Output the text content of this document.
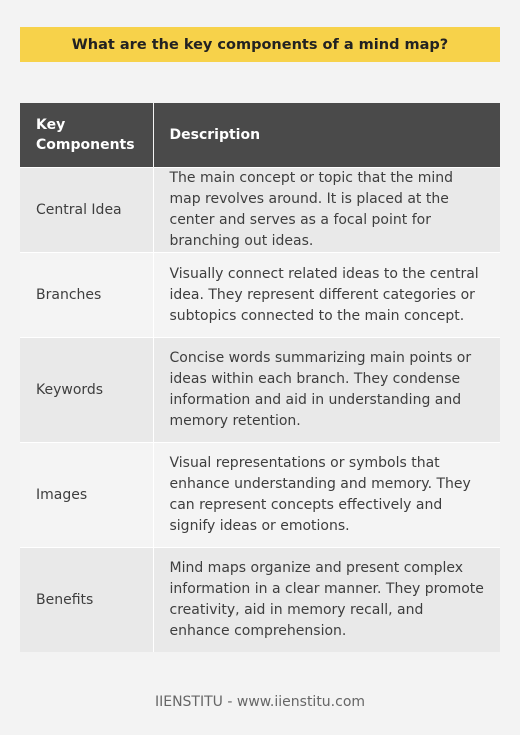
What are the key components of a mind map?
Key Components	Description
Central Idea	The main concept or topic that the mind map revolves around. It is placed at the center and serves as a focal point for branching out ideas.
Branches	Visually connect related ideas to the central idea. They represent different categories or subtopics connected to the main concept.
Keywords	Concise words summarizing main points or ideas within each branch. They condense information and aid in understanding and memory retention.
Images	Visual representations or symbols that enhance understanding and memory. They can represent concepts effectively and signify ideas or emotions.
Benefits	Mind maps organize and present complex information in a clear manner. They promote creativity, aid in memory recall, and enhance comprehension.
IIENSTITU - www.iienstitu.com
